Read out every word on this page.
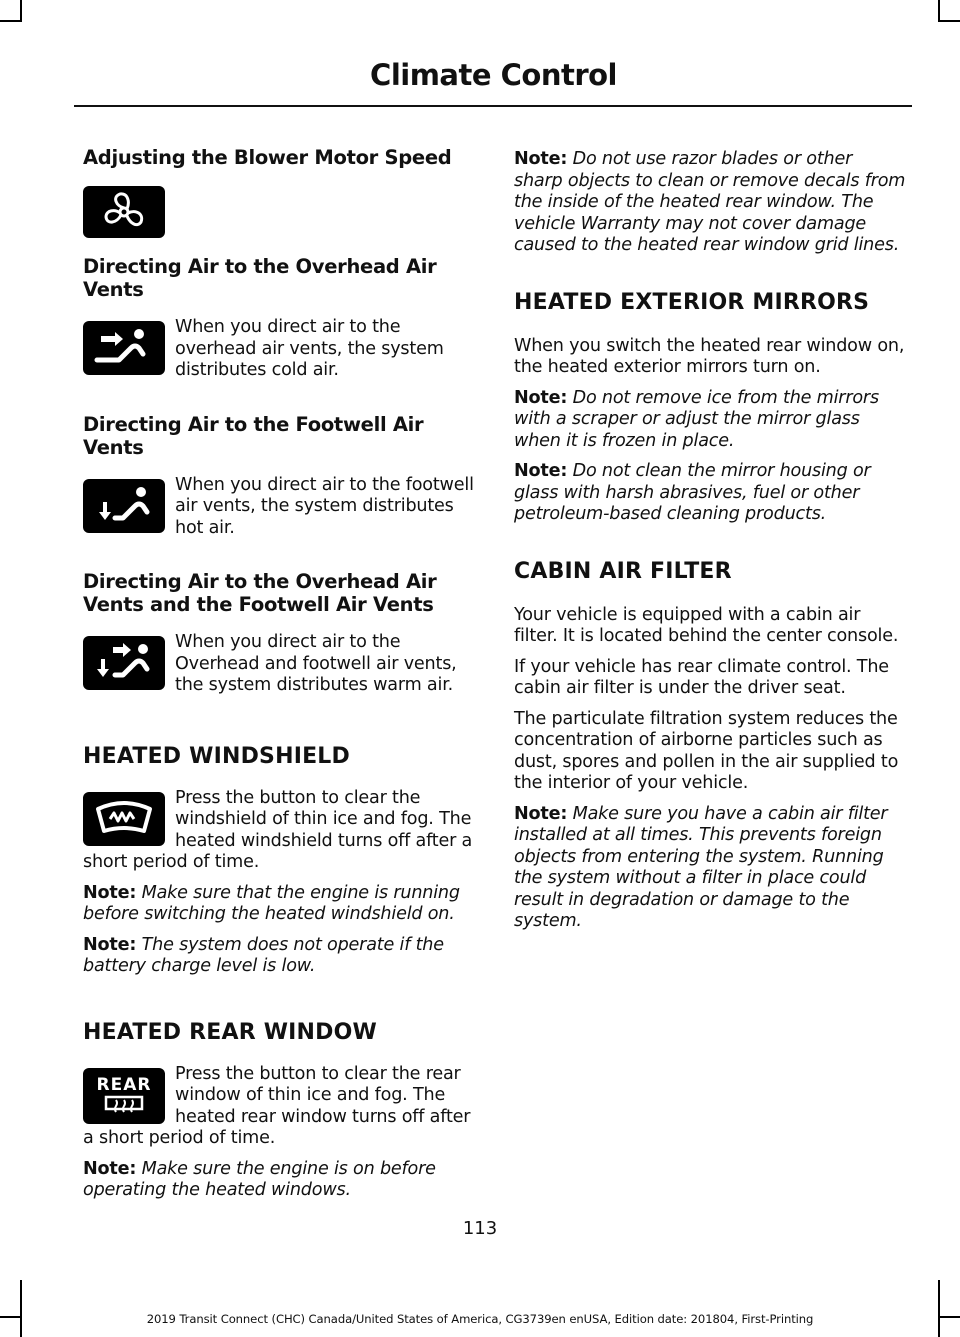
Climate Control
Adjusting the Blower Motor Speed
Directing Air to the Overhead Air Vents

When you direct air to the overhead air vents, the system distributes cold air.

Directing Air to the Footwell Air Vents

When you direct air to the footwell air vents, the system distributes hot air.

Directing Air to the Overhead Air Vents and the Footwell Air Vents

When you direct air to the Overhead and footwell air vents, the system distributes warm air.

HEATED WINDSHIELD

Press the button to clear the windshield of thin ice and fog. The heated windshield turns off after a short period of time.

Note: Make sure that the engine is running before switching the heated windshield on.

Note: The system does not operate if the battery charge level is low.

HEATED REAR WINDOW
REAR

Press the button to clear the rear window of thin ice and fog. The heated rear window turns off after a short period of time.

Note: Make sure the engine is on before operating the heated windows.

Note: Do not use razor blades or other sharp objects to clean or remove decals from the inside of the heated rear window. The vehicle Warranty may not cover damage caused to the heated rear window grid lines.

HEATED EXTERIOR MIRRORS

When you switch the heated rear window on, the heated exterior mirrors turn on.

Note: Do not remove ice from the mirrors with a scraper or adjust the mirror glass when it is frozen in place.

Note: Do not clean the mirror housing or glass with harsh abrasives, fuel or other petroleum-based cleaning products.

CABIN AIR FILTER

Your vehicle is equipped with a cabin air filter. It is located behind the center console.

If your vehicle has rear climate control. The cabin air filter is under the driver seat.

The particulate filtration system reduces the concentration of airborne particles such as dust, spores and pollen in the air supplied to the interior of your vehicle.

Note: Make sure you have a cabin air filter installed at all times. This prevents foreign objects from entering the system. Running the system without a filter in place could result in degradation or damage to the system.

113
2019 Transit Connect (CHC) Canada/United States of America, CG3739en enUSA, Edition date: 201804, First-Printing
